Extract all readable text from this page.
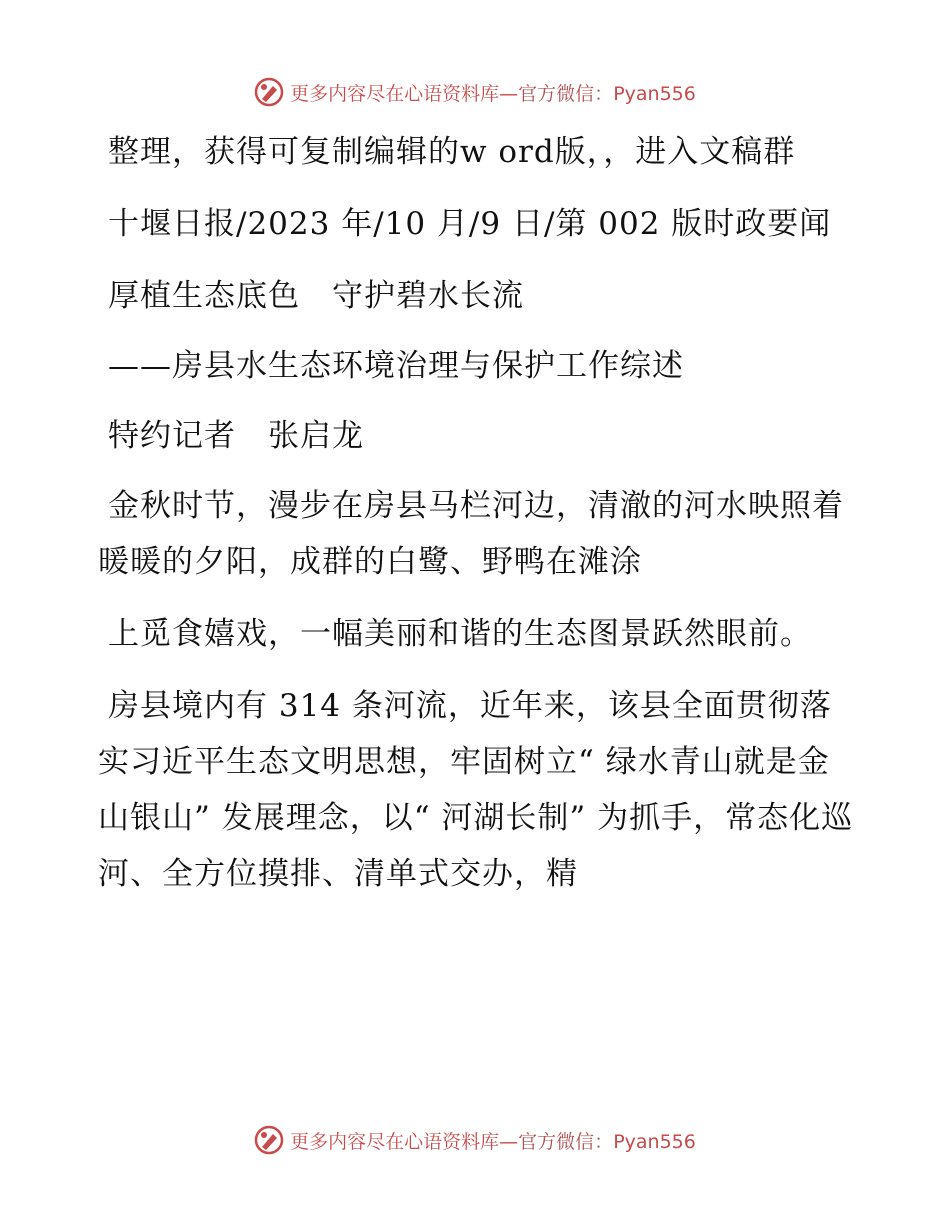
更多内容尽在心语资料库—官方微信：Pyan556

整理，获得可复制编辑的w ord版，，进入文稿群

十堰日报/2023 年/10 月/9 日/第 002 版时政要闻

厚植生态底色　守护碧水长流

——房县水生态环境治理与保护工作综述

特约记者　张启龙

金秋时节，漫步在房县马栏河边，清澈的河水映照着暖暖的夕阳，成群的白鹭、野鸭在滩涂

上觅食嬉戏，一幅美丽和谐的生态图景跃然眼前。

房县境内有 314 条河流，近年来，该县全面贯彻落实习近平生态文明思想，牢固树立“ 绿水青山就是金山银山” 发展理念，以“ 河湖长制” 为抓手，常态化巡河、全方位摸排、清单式交办，精

更多内容尽在心语资料库—官方微信：Pyan556
